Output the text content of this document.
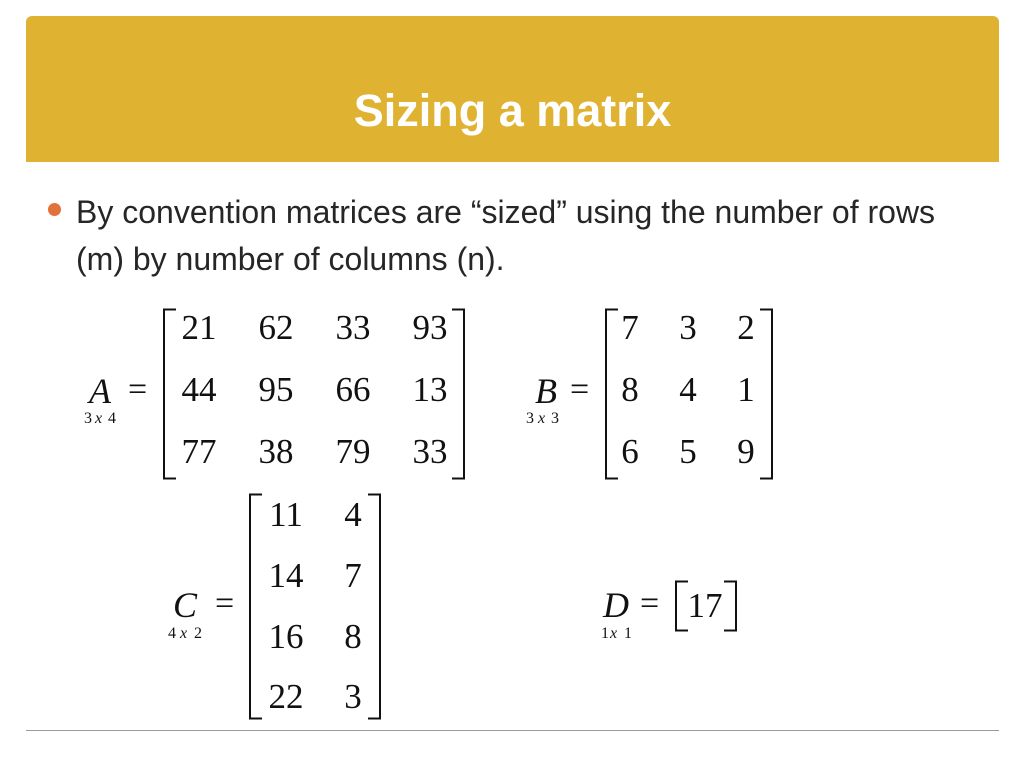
Sizing a matrix
By convention matrices are “sized” using the number of rows (m) by number of columns (n).
A =
3 x 4
B =
3 x 3
C =
4 x 2
D =
1 x 1
21	62	33	93
44	95	66	13
77	38	79	33
7	3	2
8	4	1
6	5	9
11	4
14	7
16	8
22	3
17
